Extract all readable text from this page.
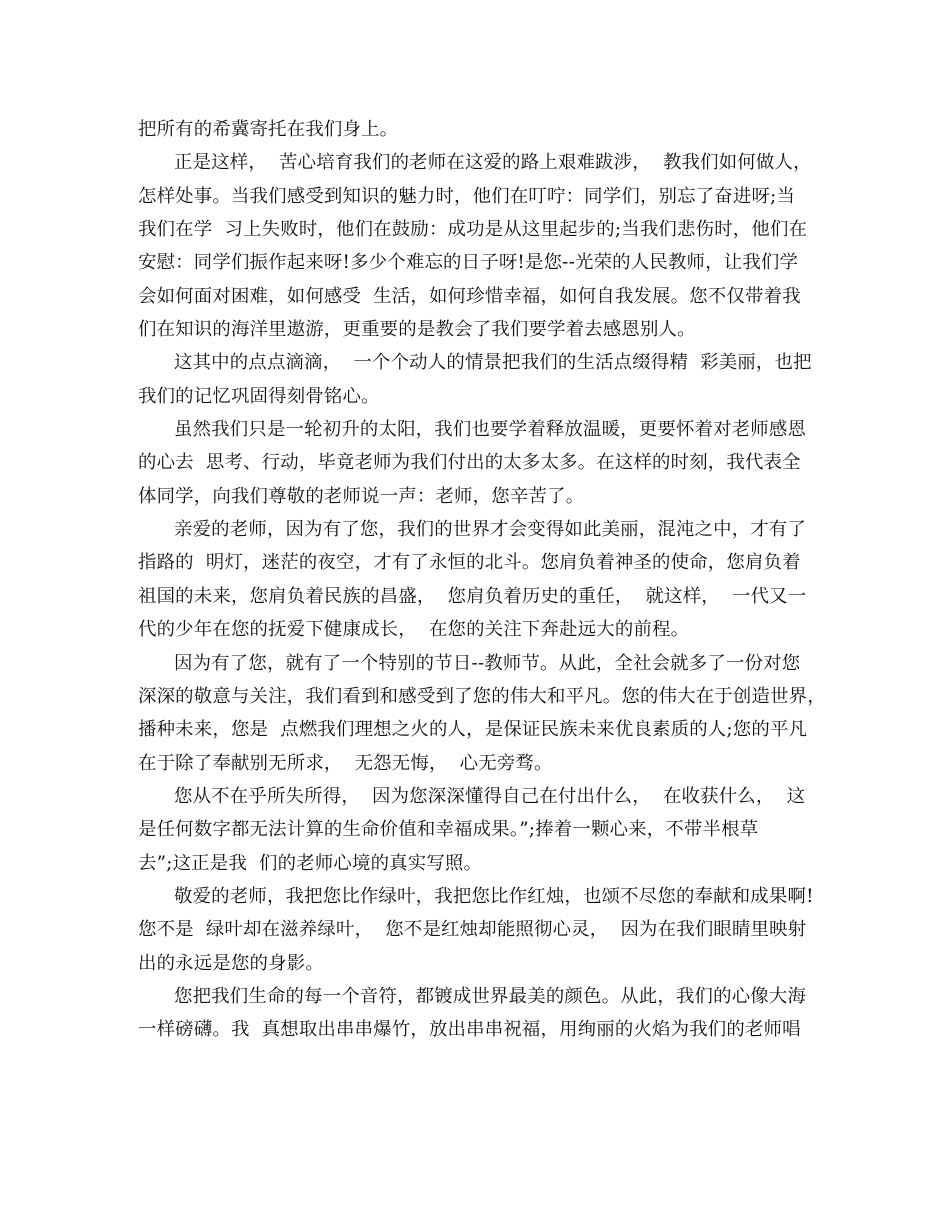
把所有的希冀寄托在我们身上。
正是这样，  苦心培育我们的老师在这爱的路上艰难跋涉，  教我们如何做人，
怎样处事。当我们感受到知识的魅力时，他们在叮咛：同学们，别忘了奋进呀;当
我们在学  习上失败时，他们在鼓励：成功是从这里起步的;当我们悲伤时，他们在
安慰：同学们振作起来呀!多少个难忘的日子呀!是您--光荣的人民教师，让我们学
会如何面对困难，如何感受  生活，如何珍惜幸福，如何自我发展。您不仅带着我
们在知识的海洋里遨游，更重要的是教会了我们要学着去感恩别人。
这其中的点点滴滴，  一个个动人的情景把我们的生活点缀得精  彩美丽，也把
我们的记忆巩固得刻骨铭心。
虽然我们只是一轮初升的太阳，我们也要学着释放温暖，更要怀着对老师感恩
的心去  思考、行动，毕竟老师为我们付出的太多太多。在这样的时刻，我代表全
体同学，向我们尊敬的老师说一声：老师，您辛苦了。
亲爱的老师，因为有了您，我们的世界才会变得如此美丽，混沌之中，才有了
指路的  明灯，迷茫的夜空，才有了永恒的北斗。您肩负着神圣的使命，您肩负着
祖国的未来，您肩负着民族的昌盛，  您肩负着历史的重任，  就这样，  一代又一
代的少年在您的抚爱下健康成长，  在您的关注下奔赴远大的前程。
因为有了您，就有了一个特别的节日--教师节。从此，全社会就多了一份对您
深深的敬意与关注，我们看到和感受到了您的伟大和平凡。您的伟大在于创造世界，
播种未来，您是  点燃我们理想之火的人，是保证民族未来优良素质的人;您的平凡
在于除了奉献别无所求，  无怨无悔，  心无旁骛。
您从不在乎所失所得，  因为您深深懂得自己在付出什么，  在收获什么，  这
是任何数字都无法计算的生命价值和幸福成果。”;捧着一颗心来，不带半根草
去”;这正是我  们的老师心境的真实写照。
敬爱的老师，我把您比作绿叶，我把您比作红烛，也颂不尽您的奉献和成果啊!
您不是  绿叶却在滋养绿叶，  您不是红烛却能照彻心灵，  因为在我们眼睛里映射
出的永远是您的身影。
您把我们生命的每一个音符，都镀成世界最美的颜色。从此，我们的心像大海
一样磅礴。我  真想取出串串爆竹，放出串串祝福，用绚丽的火焰为我们的老师唱
